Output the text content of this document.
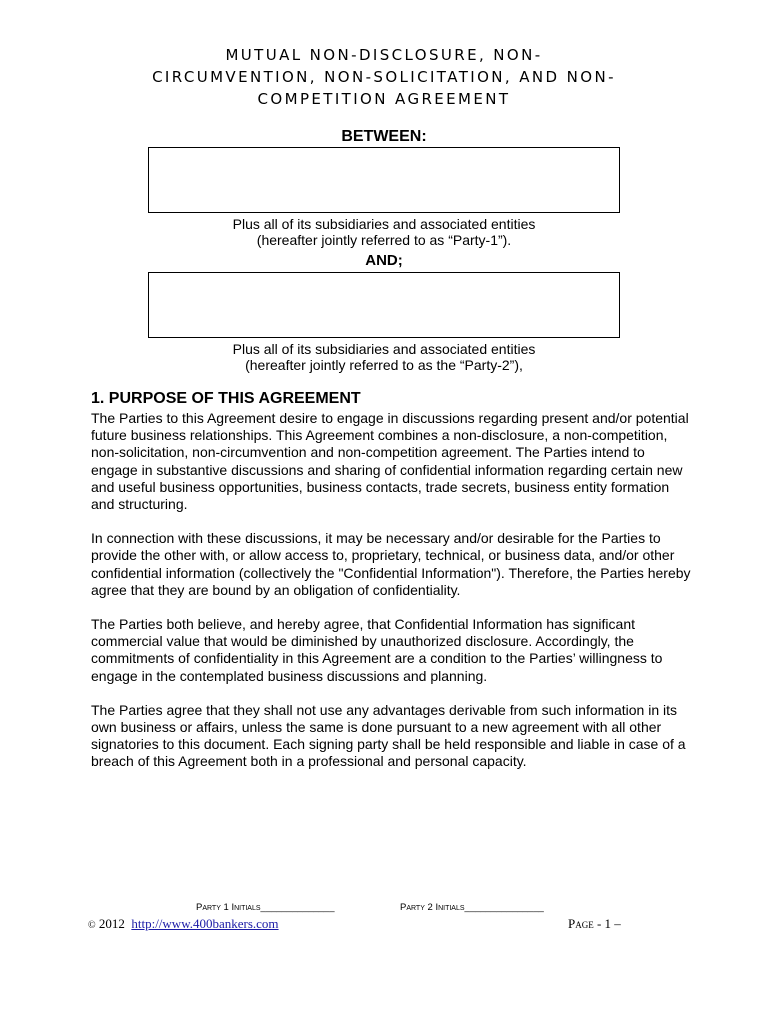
MUTUAL NON-DISCLOSURE, NON-
CIRCUMVENTION, NON-SOLICITATION, AND NON-
COMPETITION AGREEMENT
BETWEEN:
Plus all of its subsidiaries and associated entities
(hereafter jointly referred to as “Party-1”).
AND;
Plus all of its subsidiaries and associated entities
(hereafter jointly referred to as the “Party-2”),
1. PURPOSE OF THIS AGREEMENT

The Parties to this Agreement desire to engage in discussions regarding present and/or potential future business relationships. This Agreement combines a non-disclosure, a non-competition, non-solicitation, non-circumvention and non-competition agreement. The Parties intend to engage in substantive discussions and sharing of confidential information regarding certain new and useful business opportunities, business contacts, trade secrets, business entity formation and structuring.

In connection with these discussions, it may be necessary and/or desirable for the Parties to provide the other with, or allow access to, proprietary, technical, or business data, and/or other confidential information (collectively the "Confidential Information"). Therefore, the Parties hereby agree that they are bound by an obligation of confidentiality.

The Parties both believe, and hereby agree, that Confidential Information has significant commercial value that would be diminished by unauthorized disclosure. Accordingly, the commitments of confidentiality in this Agreement are a condition to the Parties’ willingness to engage in the contemplated business discussions and planning.

The Parties agree that they shall not use any advantages derivable from such information in its own business or affairs, unless the same is done pursuant to a new agreement with all other signatories to this document. Each signing party shall be held responsible and liable in case of a breach of this Agreement both in a professional and personal capacity.

Party 1 Initials______________	Party 2 Initials_______________
© 2012 http://www.400bankers.com	Page - 1 –
